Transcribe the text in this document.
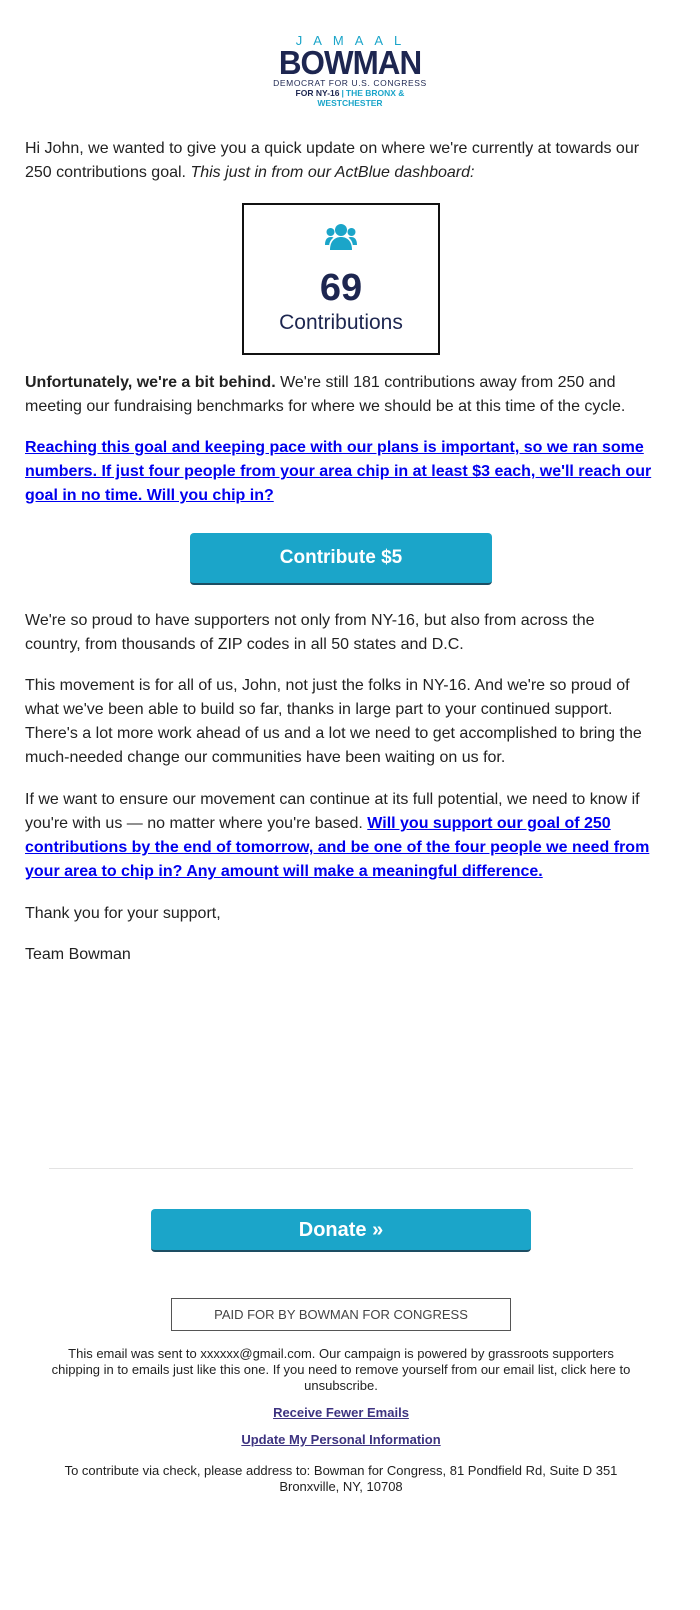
JAMAAL
BOWMAN
DEMOCRAT FOR U.S. CONGRESS
FOR NY-16 | THE BRONX & WESTCHESTER

Hi John, we wanted to give you a quick update on where we're currently at towards our 250 contributions goal. This just in from our ActBlue dashboard:

69
Contributions

Unfortunately, we're a bit behind. We're still 181 contributions away from 250 and meeting our fundraising benchmarks for where we should be at this time of the cycle.

Reaching this goal and keeping pace with our plans is important, so we ran some numbers. If just four people from your area chip in at least $3 each, we'll reach our goal in no time. Will you chip in?

Contribute $5

We're so proud to have supporters not only from NY-16, but also from across the country, from thousands of ZIP codes in all 50 states and D.C.

This movement is for all of us, John, not just the folks in NY-16. And we're so proud of what we've been able to build so far, thanks in large part to your continued support. There's a lot more work ahead of us and a lot we need to get accomplished to bring the much-needed change our communities have been waiting on us for.

If we want to ensure our movement can continue at its full potential, we need to know if you're with us — no matter where you're based. Will you support our goal of 250 contributions by the end of tomorrow, and be one of the four people we need from your area to chip in? Any amount will make a meaningful difference.

Thank you for your support,

Team Bowman

Donate »
PAID FOR BY BOWMAN FOR CONGRESS
This email was sent to xxxxxx@gmail.com. Our campaign is powered by grassroots supporters chipping in to emails just like this one. If you need to remove yourself from our email list, click here to unsubscribe.
Receive Fewer Emails
Update My Personal Information
To contribute via check, please address to: Bowman for Congress, 81 Pondfield Rd, Suite D 351 Bronxville, NY, 10708
